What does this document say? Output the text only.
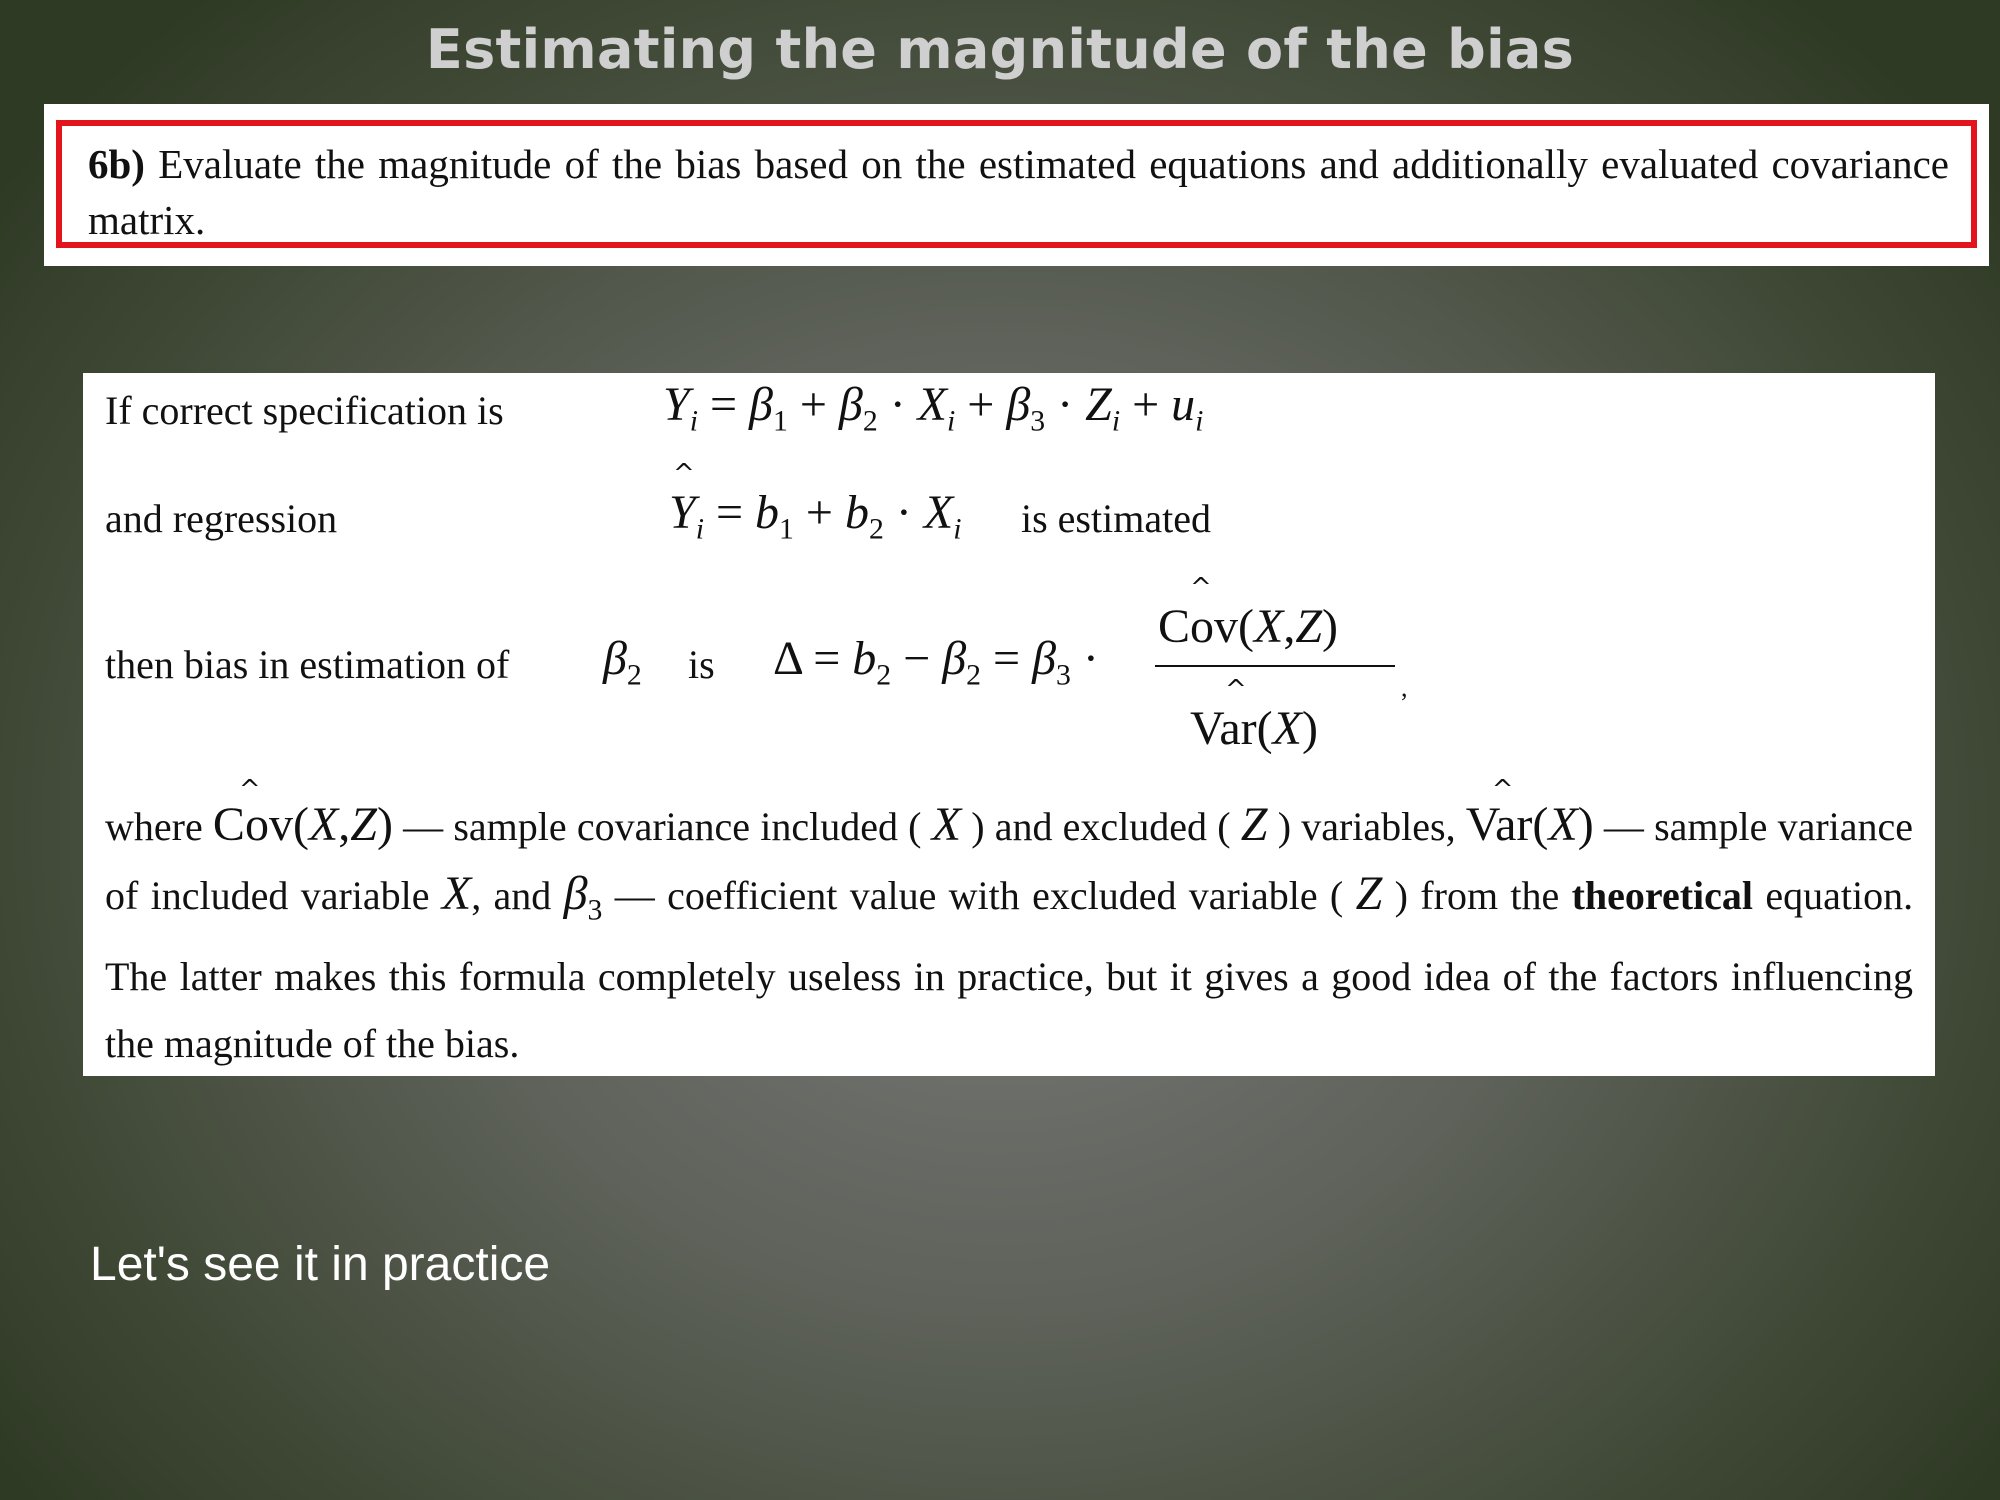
Estimating the magnitude of the bias
6b) Evaluate the magnitude of the bias based on the estimated equations and additionally evaluated covariance matrix.
If correct specification is	$Y_i = \beta_1 + \beta_2 \cdot X_i + \beta_3 \cdot Z_i + u_i$
and regression
^
$Y_i = b_1 + b_2 \cdot X_i$ is estimated
then bias in estimation of $\beta_2$ is $\Delta = b_2 - \beta_2 = \beta_3$ ·
^
Cov(X,Z)
^
Var(X)
,
where
^
Cov(X,Z) — sample covariance included ( X ) and excluded ( Z ) variables,
^
Var(X) — sample variance of included variable X, and $\beta_3$ — coefficient value with excluded variable ( Z ) from the theoretical equation. The latter makes this formula completely useless in practice, but it gives a good idea of the factors influencing the magnitude of the bias.
Let's see it in practice
